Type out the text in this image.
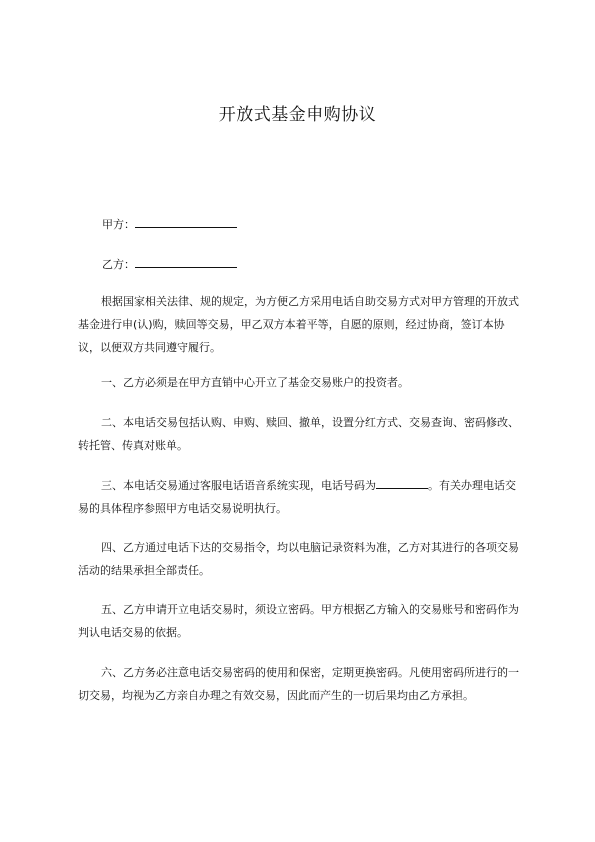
开放式基金申购协议
甲方：
乙方：

根据国家相关法律、规的规定，为方便乙方采用电话自助交易方式对甲方管理的开放式基金进行申(认)购，赎回等交易，甲乙双方本着平等，自愿的原则，经过协商，签订本协议，以便双方共同遵守履行。

一、乙方必须是在甲方直销中心开立了基金交易账户的投资者。

二、本电话交易包括认购、申购、赎回、撤单，设置分红方式、交易查询、密码修改、转托管、传真对账单。

三、本电话交易通过客服电话语音系统实现，电话号码为	。有关办理电话交易的具体程序参照甲方电话交易说明执行。

四、乙方通过电话下达的交易指令，均以电脑记录资料为准，乙方对其进行的各项交易活动的结果承担全部责任。

五、乙方申请开立电话交易时，须设立密码。甲方根据乙方输入的交易账号和密码作为判认电话交易的依据。

六、乙方务必注意电话交易密码的使用和保密，定期更换密码。凡使用密码所进行的一切交易，均视为乙方亲自办理之有效交易，因此而产生的一切后果均由乙方承担。
